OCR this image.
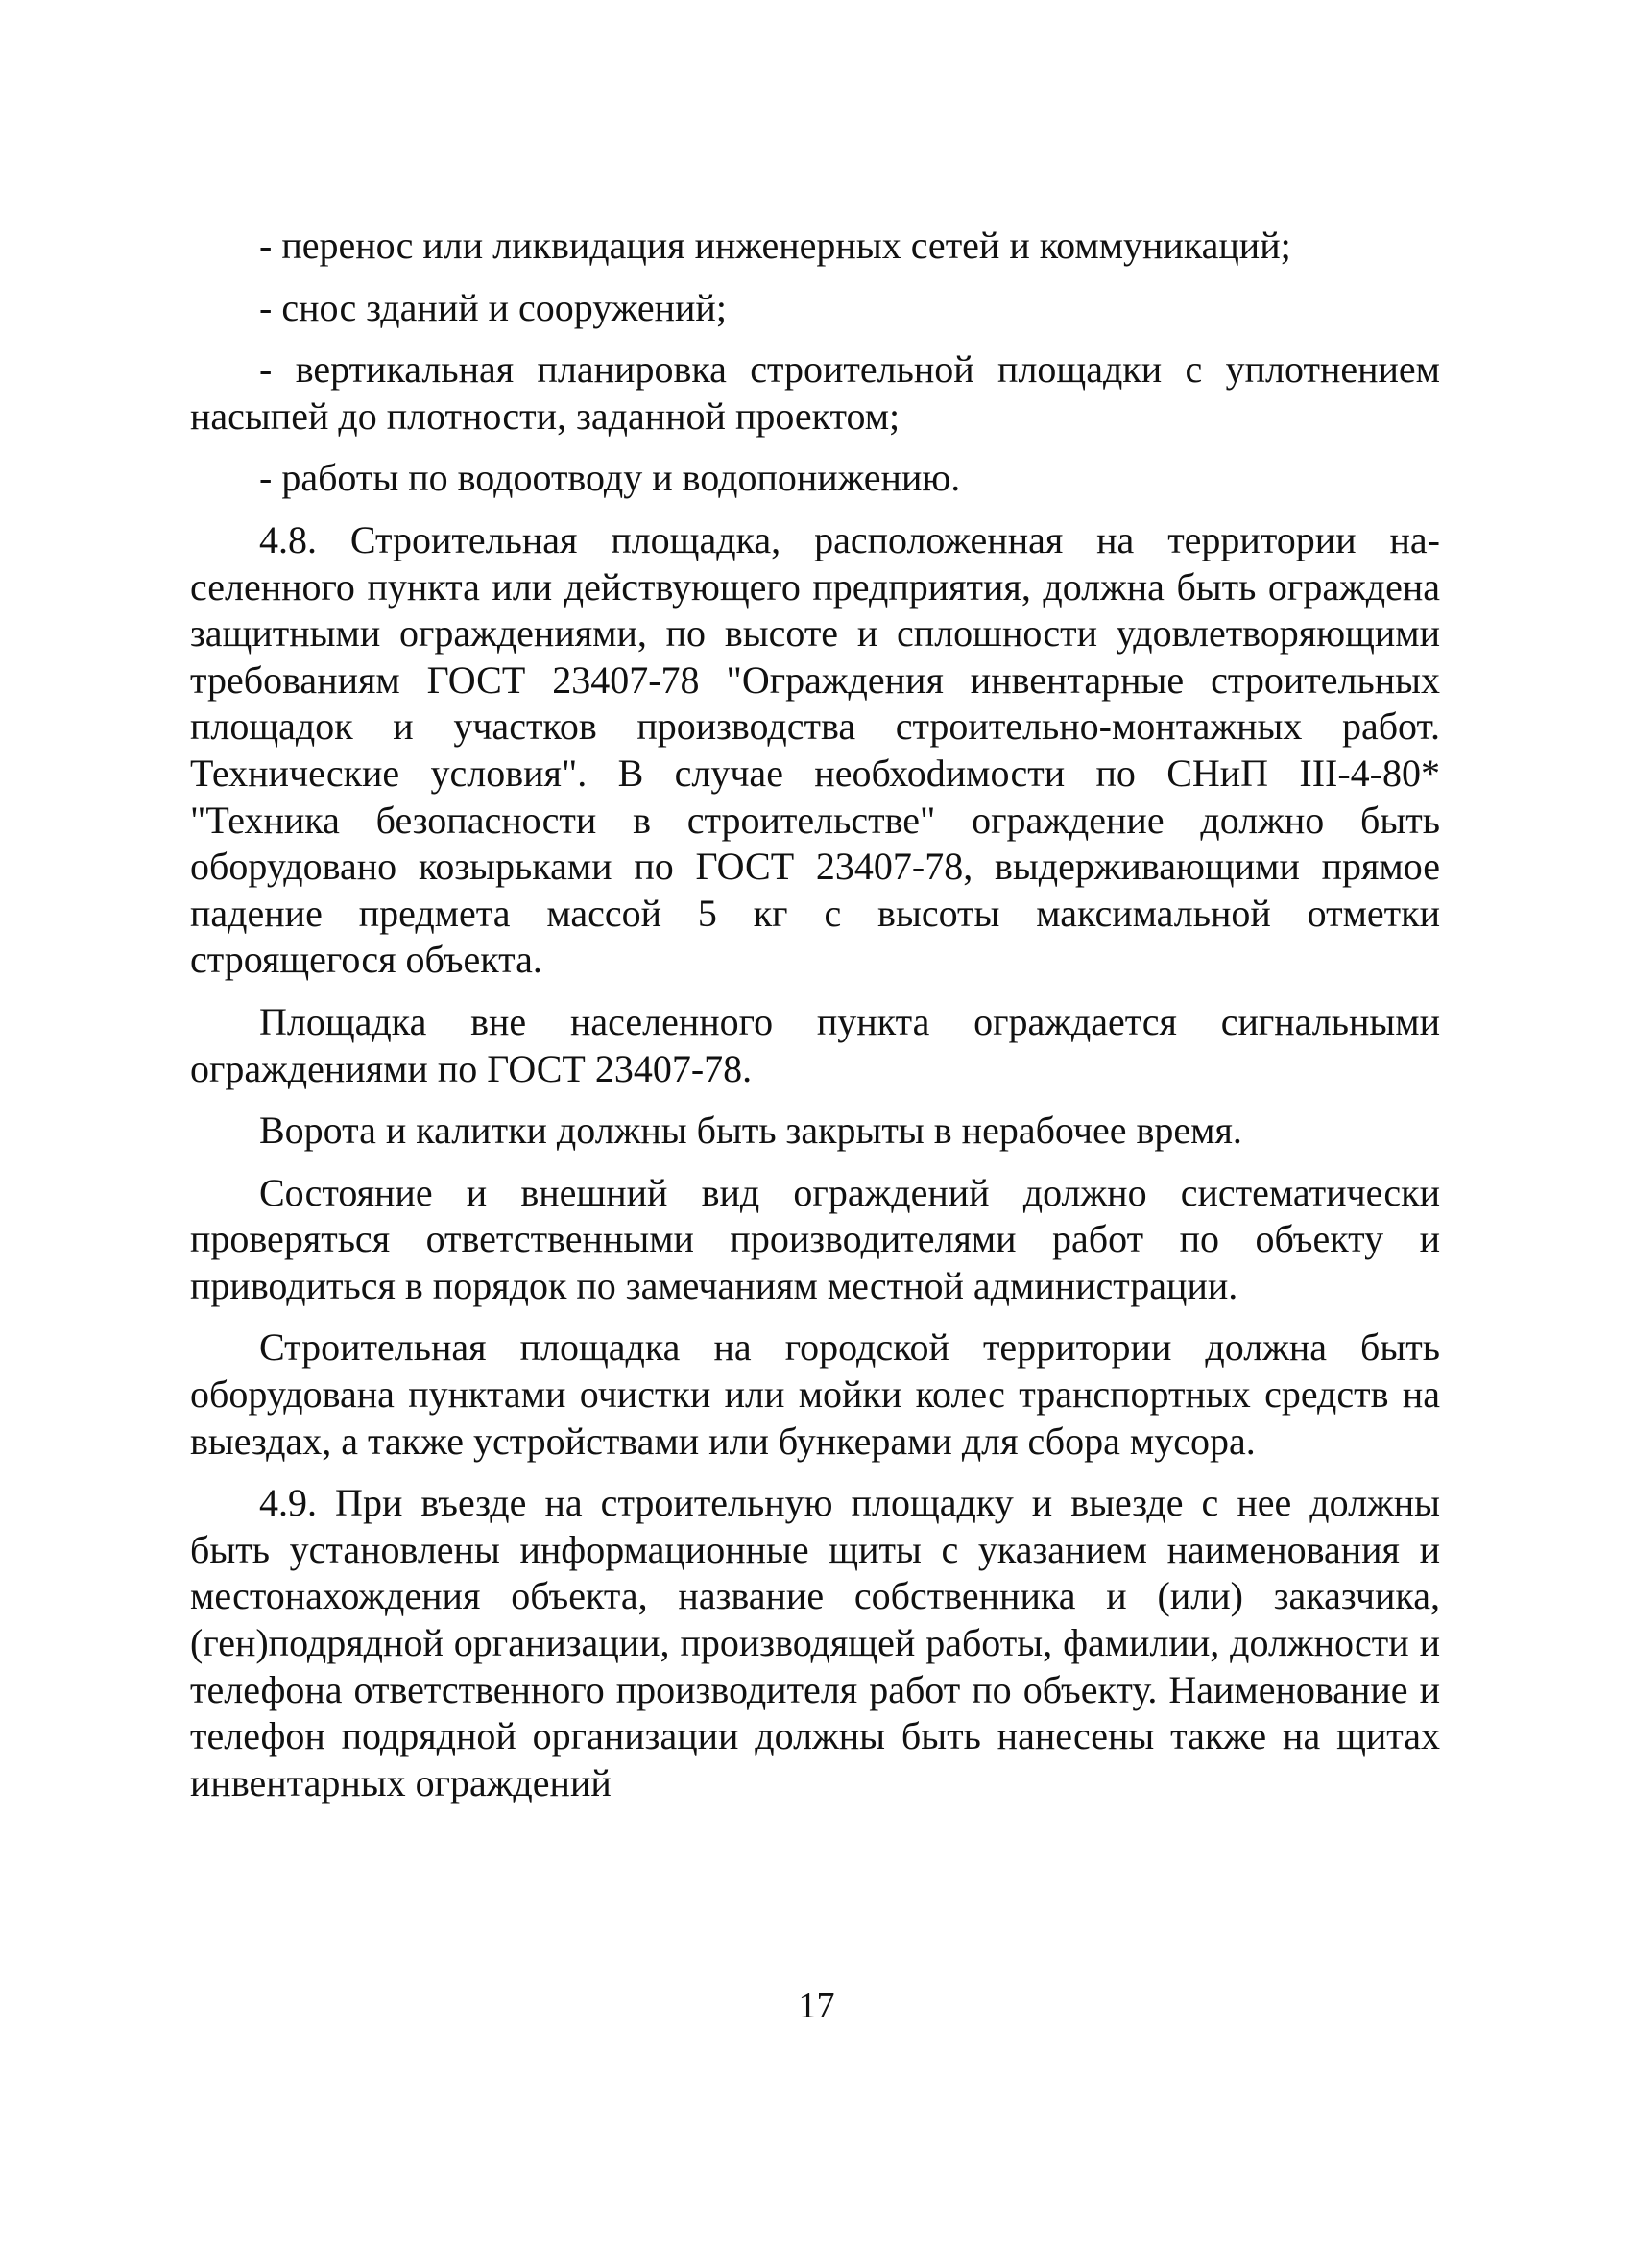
- перенос или ликвидация инженерных сетей и коммуникаций;

- снос зданий и сооружений;

- вертикальная планировка строительной площадки с уплотнением насыпей до плотности, заданной проектом;

- работы по водоотводу и водопонижению.

4.8. Строительная площадка, расположенная на территории населенного пункта или действующего предприятия, должна быть ограждена защитными ограждениями, по высоте и сплошности удовлетворяющими требованиям ГОСТ 23407-78 "Ограждения инвентарные строительных площадок и участков производства строительно-монтажных работ. Технические условия". В случае необхоdимости по СНиП III-4-80* "Техника безопасности в строительстве" ограждение должно быть оборудовано козырьками по ГОСТ 23407-78, выдерживающими прямое падение предмета массой 5 кг с высоты максимальной отметки строящегося объекта.

Площадка вне населенного пункта ограждается сигнальными ограждениями по ГОСТ 23407-78.

Ворота и калитки должны быть закрыты в нерабочее время.

Состояние и внешний вид ограждений должно систематически проверяться ответственными производителями работ по объекту и приводиться в порядок по замечаниям местной администрации.

Строительная площадка на городской территории должна быть оборудована пунктами очистки или мойки колес транспортных средств на выездах, а также устройствами или бункерами для сбора мусора.

4.9. При въезде на строительную площадку и выезде с нее должны быть установлены информационные щиты с указанием наименования и местонахождения объекта, название собственника и (или) заказчика, (ген)подрядной организации, производящей работы, фамилии, должности и телефона ответственного производителя работ по объекту. Наименование и телефон подрядной организации должны быть нанесены также на щитах инвентарных ограждений

17
